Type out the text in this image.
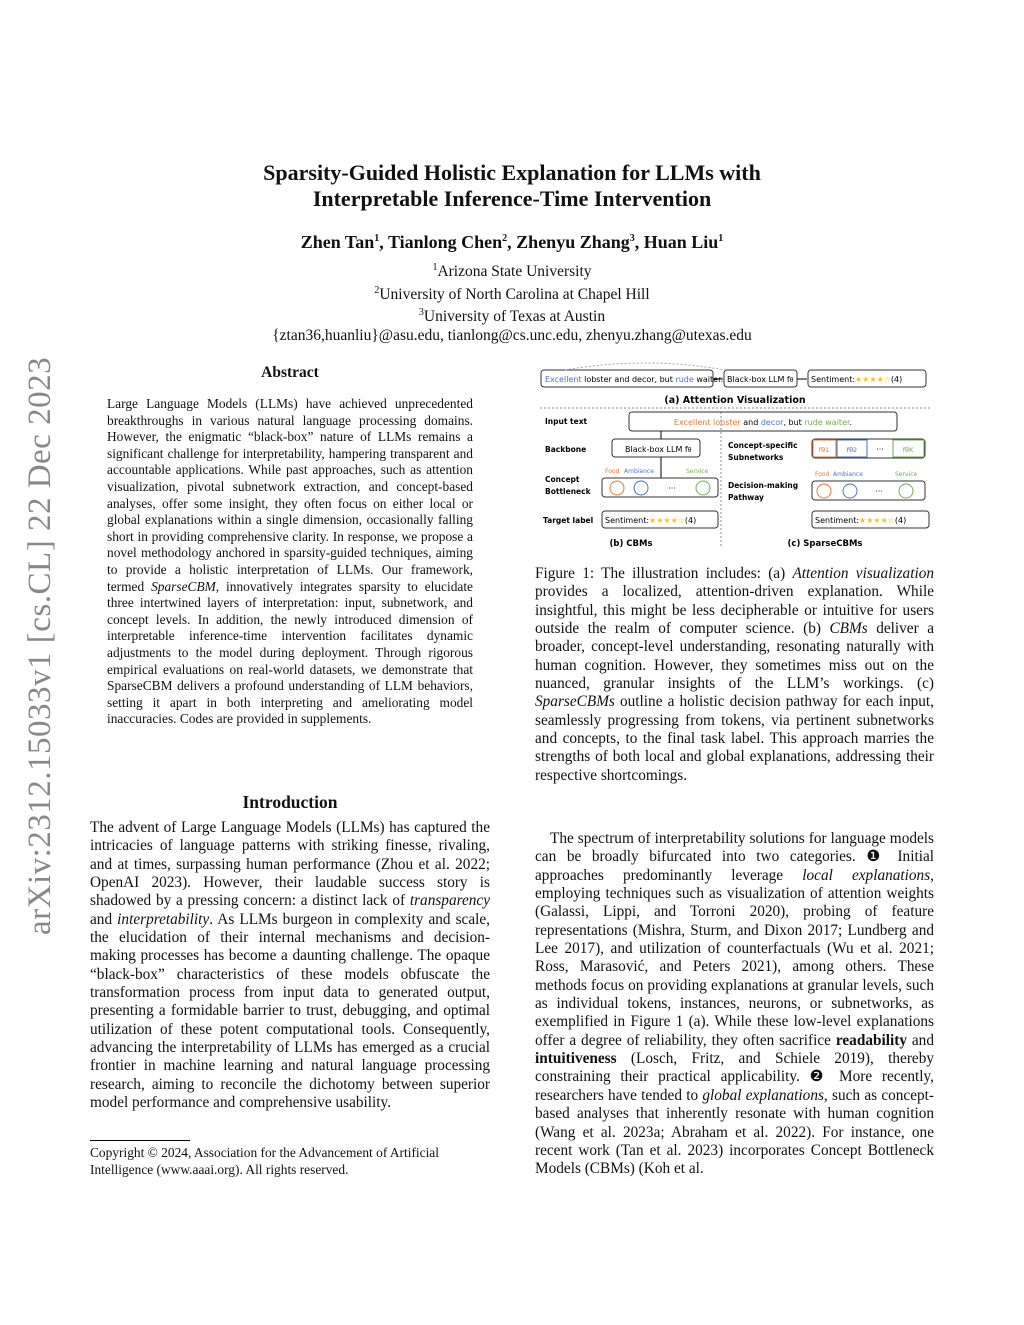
arXiv:2312.15033v1 [cs.CL] 22 Dec 2023
Sparsity-Guided Holistic Explanation for LLMs with
Interpretable Inference-Time Intervention
Zhen Tan$^1$, Tianlong Chen$^2$, Zhenyu Zhang$^3$, Huan Liu$^1$
$^1$Arizona State University
$^2$University of North Carolina at Chapel Hill
$^3$University of Texas at Austin
{ztan36,huanliu}@asu.edu, tianlong@cs.unc.edu, zhenyu.zhang@utexas.edu
Abstract
Large Language Models (LLMs) have achieved unprecedented breakthroughs in various natural language processing domains. However, the enigmatic “black-box” nature of LLMs remains a significant challenge for interpretability, hampering transparent and accountable applications. While past approaches, such as attention visualization, pivotal subnetwork extraction, and concept-based analyses, offer some insight, they often focus on either local or global explanations within a single dimension, occasionally falling short in providing comprehensive clarity. In response, we propose a novel methodology anchored in sparsity-guided techniques, aiming to provide a holistic interpretation of LLMs. Our framework, termed SparseCBM, innovatively integrates sparsity to elucidate three intertwined layers of interpretation: input, subnetwork, and concept levels. In addition, the newly introduced dimension of interpretable inference-time intervention facilitates dynamic adjustments to the model during deployment. Through rigorous empirical evaluations on real-world datasets, we demonstrate that SparseCBM delivers a profound understanding of LLM behaviors, setting it apart in both interpreting and ameliorating model inaccuracies. Codes are provided in supplements.
Introduction
The advent of Large Language Models (LLMs) has captured the intricacies of language patterns with striking finesse, rivaling, and at times, surpassing human performance (Zhou et al. 2022; OpenAI 2023). However, their laudable success story is shadowed by a pressing concern: a distinct lack of transparency and interpretability. As LLMs burgeon in complexity and scale, the elucidation of their internal mechanisms and decision-making processes has become a daunting challenge. The opaque “black-box” characteristics of these models obfuscate the transformation process from input data to generated output, presenting a formidable barrier to trust, debugging, and optimal utilization of these potent computational tools. Consequently, advancing the interpretability of LLMs has emerged as a crucial frontier in machine learning and natural language processing research, aiming to reconcile the dichotomy between superior model performance and comprehensive usability.
Copyright © 2024, Association for the Advancement of Artificial Intelligence (www.aaai.org). All rights reserved.
Excellent lobster and decor, but rude waiter. Black-box LLM fθ Sentiment:★★★★☆(4)
(a) Attention Visualization
Input text
Backbone
Concept
Bottleneck
Target label
Concept-specific
Subnetworks
Decision-making
Pathway
Excellent lobster and decor, but rude waiter.
Black-box LLM fθ
Food Ambiance	Service	Food Ambiance	Service
···
Sentiment:★★★★☆(4)
fθ1	fθ2 ···	fθK
···
Sentiment:★★★★☆(4)
(b) CBMs	(c) SparseCBMs
Figure 1: The illustration includes: (a) Attention visualization provides a localized, attention-driven explanation. While insightful, this might be less decipherable or intuitive for users outside the realm of computer science. (b) CBMs deliver a broader, concept-level understanding, resonating naturally with human cognition. However, they sometimes miss out on the nuanced, granular insights of the LLM’s workings. (c) SparseCBMs outline a holistic decision pathway for each input, seamlessly progressing from tokens, via pertinent subnetworks and concepts, to the final task label. This approach marries the strengths of both local and global explanations, addressing their respective shortcomings.
The spectrum of interpretability solutions for language models can be broadly bifurcated into two categories. ❶ Initial approaches predominantly leverage local explanations, employing techniques such as visualization of attention weights (Galassi, Lippi, and Torroni 2020), probing of feature representations (Mishra, Sturm, and Dixon 2017; Lundberg and Lee 2017), and utilization of counterfactuals (Wu et al. 2021; Ross, Marasović, and Peters 2021), among others. These methods focus on providing explanations at granular levels, such as individual tokens, instances, neurons, or subnetworks, as exemplified in Figure 1 (a). While these low-level explanations offer a degree of reliability, they often sacrifice readability and intuitiveness (Losch, Fritz, and Schiele 2019), thereby constraining their practical applicability. ❷ More recently, researchers have tended to global explanations, such as concept-based analyses that inherently resonate with human cognition (Wang et al. 2023a; Abraham et al. 2022). For instance, one recent work (Tan et al. 2023) incorporates Concept Bottleneck Models (CBMs) (Koh et al.
